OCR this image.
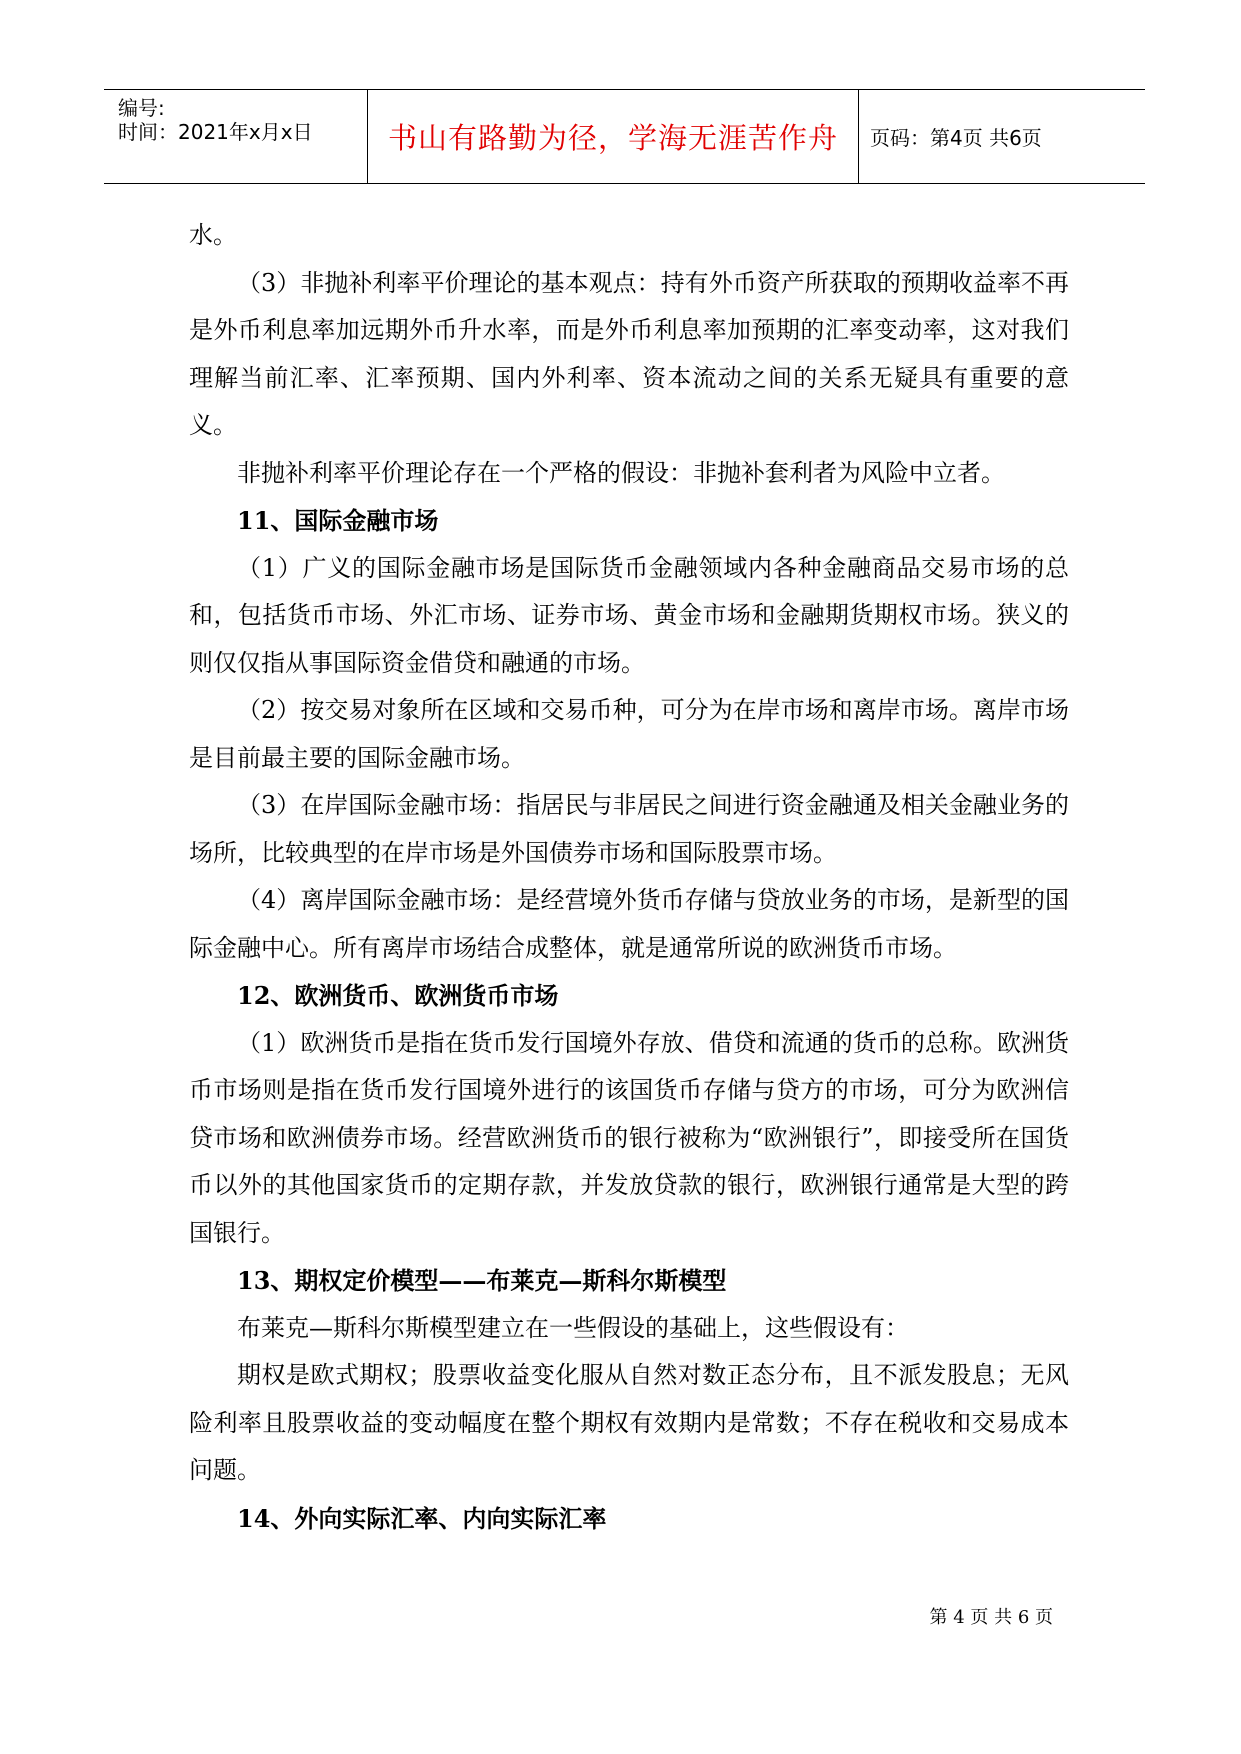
编号:
时间：2021年x月x日	书山有路勤为径，学海无涯苦作舟 页码：第4页 共6页

水。

（3）非抛补利率平价理论的基本观点：持有外币资产所获取的预期收益率不再是外币利息率加远期外币升水率，而是外币利息率加预期的汇率变动率，这对我们理解当前汇率、汇率预期、国内外利率、资本流动之间的关系无疑具有重要的意义。

非抛补利率平价理论存在一个严格的假设：非抛补套利者为风险中立者。

11、国际金融市场

（1）广义的国际金融市场是国际货币金融领域内各种金融商品交易市场的总和，包括货币市场、外汇市场、证券市场、黄金市场和金融期货期权市场。狭义的则仅仅指从事国际资金借贷和融通的市场。

（2）按交易对象所在区域和交易币种，可分为在岸市场和离岸市场。离岸市场是目前最主要的国际金融市场。

（3）在岸国际金融市场：指居民与非居民之间进行资金融通及相关金融业务的场所，比较典型的在岸市场是外国债券市场和国际股票市场。

（4）离岸国际金融市场：是经营境外货币存储与贷放业务的市场，是新型的国际金融中心。所有离岸市场结合成整体，就是通常所说的欧洲货币市场。

12、欧洲货币、欧洲货币市场

（1）欧洲货币是指在货币发行国境外存放、借贷和流通的货币的总称。欧洲货币市场则是指在货币发行国境外进行的该国货币存储与贷方的市场，可分为欧洲信贷市场和欧洲债券市场。经营欧洲货币的银行被称为“欧洲银行”，即接受所在国货币以外的其他国家货币的定期存款，并发放贷款的银行，欧洲银行通常是大型的跨国银行。

13、期权定价模型——布莱克—斯科尔斯模型

布莱克—斯科尔斯模型建立在一些假设的基础上，这些假设有：

期权是欧式期权；股票收益变化服从自然对数正态分布，且不派发股息；无风险利率且股票收益的变动幅度在整个期权有效期内是常数；不存在税收和交易成本问题。

14、外向实际汇率、内向实际汇率

第 4 页 共 6 页
